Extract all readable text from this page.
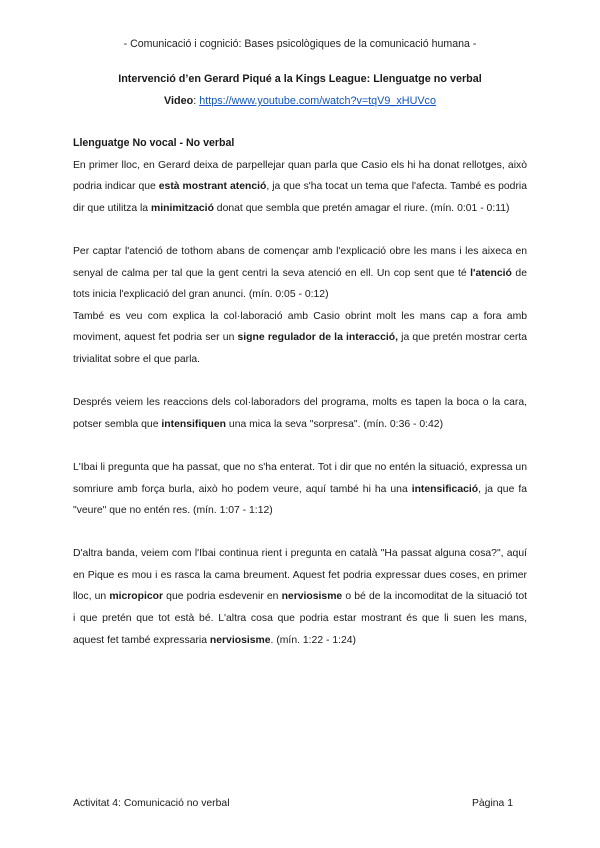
- Comunicació i cognició: Bases psicològiques de la comunicació humana -
Intervenció d’en Gerard Piqué a la Kings League: Llenguatge no verbal
Video: https://www.youtube.com/watch?v=tqV9_xHUVco
Llenguatge No vocal - No verbal

En primer lloc, en Gerard deixa de parpellejar quan parla que Casio els hi ha donat rellotges, això podria indicar que està mostrant atenció, ja que s'ha tocat un tema que l'afecta. També es podria dir que utilitza la minimització donat que sembla que pretén amagar el riure. (mín. 0:01 - 0:11)

Per captar l'atenció de tothom abans de començar amb l'explicació obre les mans i les aixeca en senyal de calma per tal que la gent centri la seva atenció en ell. Un cop sent que té l'atenció de tots inicia l'explicació del gran anunci. (mín. 0:05 - 0:12)

També es veu com explica la col·laboració amb Casio obrint molt les mans cap a fora amb moviment, aquest fet podria ser un signe regulador de la interacció, ja que pretén mostrar certa trivialitat sobre el que parla.

Després veiem les reaccions dels col·laboradors del programa, molts es tapen la boca o la cara, potser sembla que intensifiquen una mica la seva "sorpresa". (mín. 0:36 - 0:42)

L'Ibai li pregunta que ha passat, que no s'ha enterat. Tot i dir que no entén la situació, expressa un somriure amb força burla, això ho podem veure, aquí també hi ha una intensificació, ja que fa "veure" que no entén res. (mín. 1:07 - 1:12)

D'altra banda, veiem com l'Ibai continua rient i pregunta en català "Ha passat alguna cosa?", aquí en Pique es mou i es rasca la cama breument. Aquest fet podria expressar dues coses, en primer lloc, un micropicor que podria esdevenir en nerviosisme o bé de la incomoditat de la situació tot i que pretén que tot està bé. L'altra cosa que podria estar mostrant és que li suen les mans, aquest fet també expressaria nerviosisme. (mín. 1:22 - 1:24)

Activitat 4: Comunicació no verbal	Pàgina 1
